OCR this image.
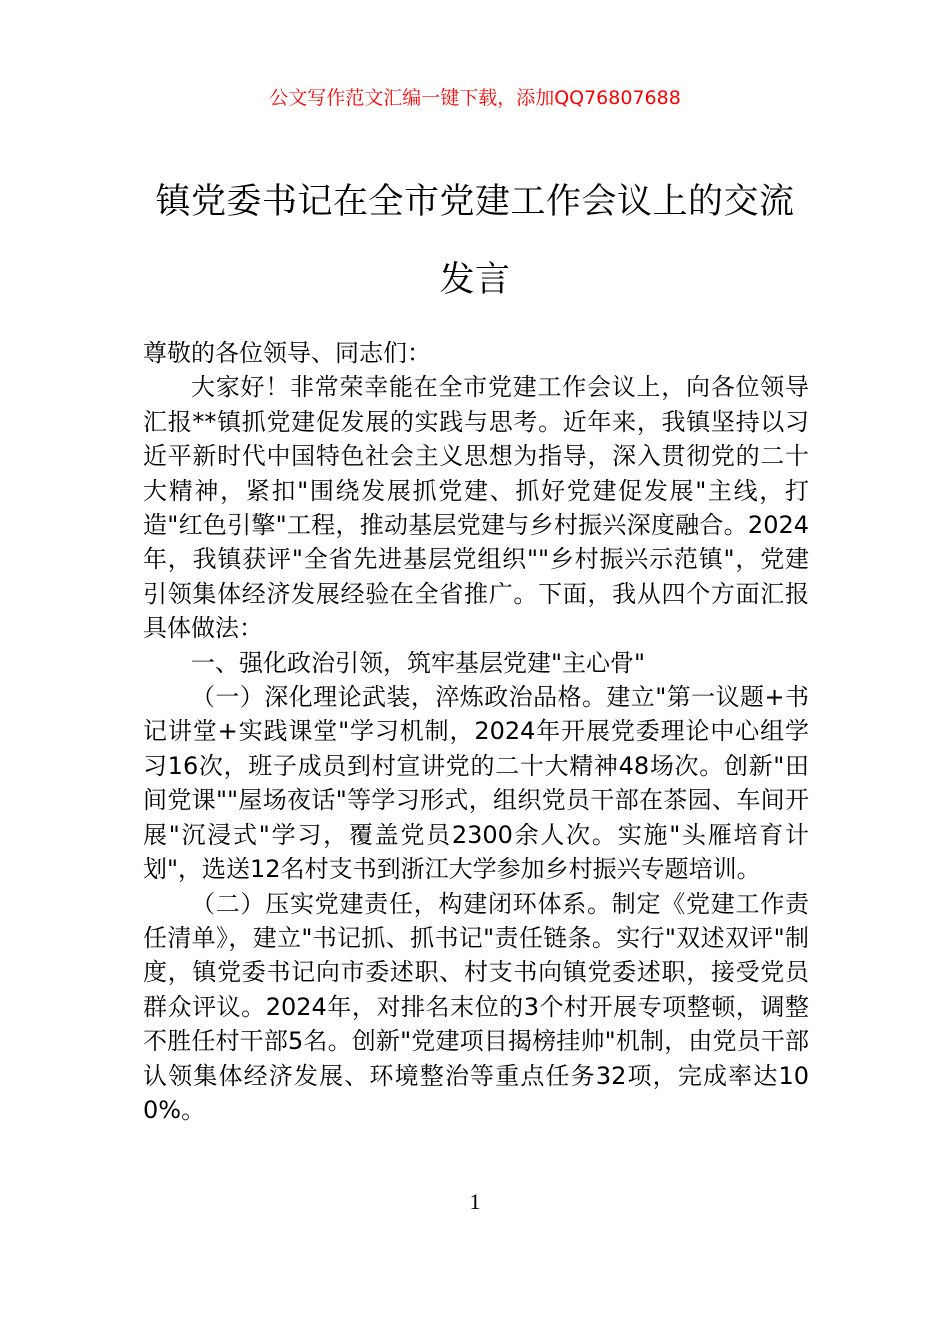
公文写作范文汇编一键下载，添加QQ76807688
镇党委书记在全市党建工作会议上的交流发言

尊敬的各位领导、同志们：

大家好！非常荣幸能在全市党建工作会议上，向各位领导汇报**镇抓党建促发展的实践与思考。近年来，我镇坚持以习近平新时代中国特色社会主义思想为指导，深入贯彻党的二十大精神，紧扣"围绕发展抓党建、抓好党建促发展"主线，打造"红色引擎"工程，推动基层党建与乡村振兴深度融合。2024年，我镇获评"全省先进基层党组织""乡村振兴示范镇"，党建引领集体经济发展经验在全省推广。下面，我从四个方面汇报具体做法：

一、强化政治引领，筑牢基层党建"主心骨"

（一）深化理论武装，淬炼政治品格。建立"第一议题+书记讲堂+实践课堂"学习机制，2024年开展党委理论中心组学习16次，班子成员到村宣讲党的二十大精神48场次。创新"田间党课""屋场夜话"等学习形式，组织党员干部在茶园、车间开展"沉浸式"学习，覆盖党员2300余人次。实施"头雁培育计划"，选送12名村支书到浙江大学参加乡村振兴专题培训。

（二）压实党建责任，构建闭环体系。制定《党建工作责任清单》，建立"书记抓、抓书记"责任链条。实行"双述双评"制度，镇党委书记向市委述职、村支书向镇党委述职，接受党员群众评议。2024年，对排名末位的3个村开展专项整顿，调整不胜任村干部5名。创新"党建项目揭榜挂帅"机制，由党员干部认领集体经济发展、环境整治等重点任务32项，完成率达100%。

1
